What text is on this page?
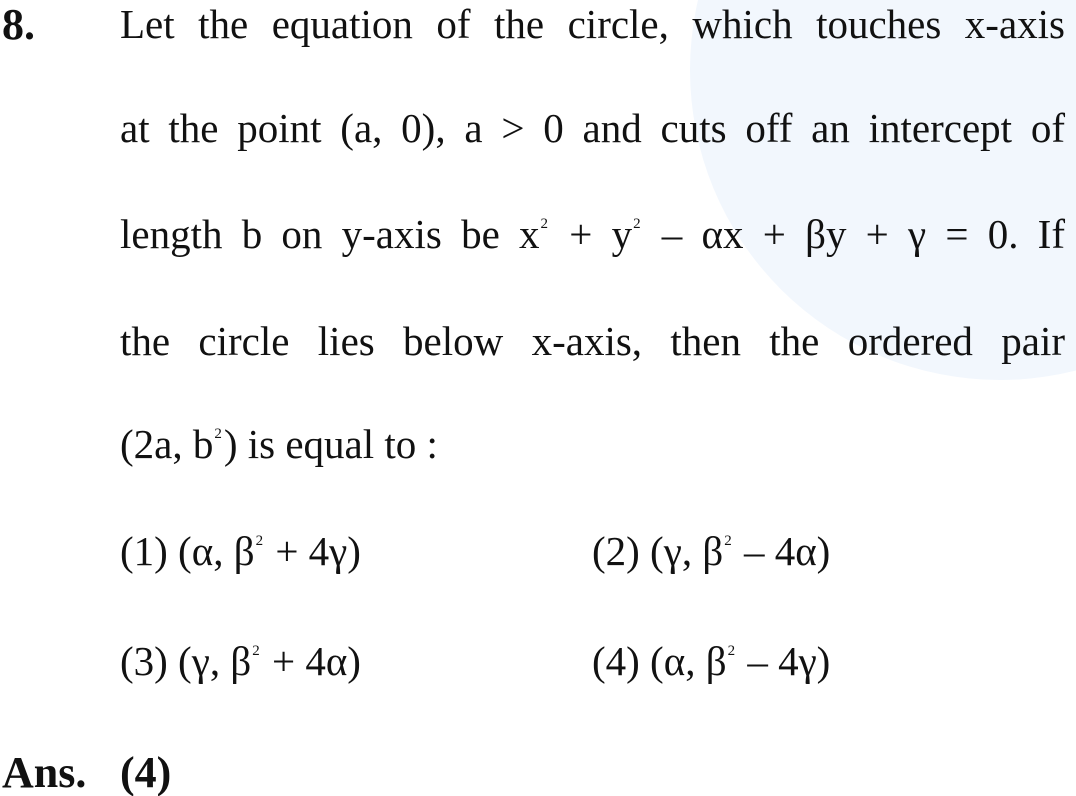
8. Let the equation of the circle, which touches x-axis
at the point (a, 0), a > 0 and cuts off an intercept of
length b on y-axis be $x^2 + y^2 - \alpha x + \beta y + \gamma = 0$. If
the circle lies below x-axis, then the ordered pair
(2a, $b^2$) is equal to :
(1) (α, $\beta^2 + 4\gamma$)	(2) (γ, $\beta^2 - 4\alpha$)
(3) (γ, $\beta^2 + 4\alpha$)	(4) (α, $\beta^2 - 4\gamma$)
Ans. (4)
